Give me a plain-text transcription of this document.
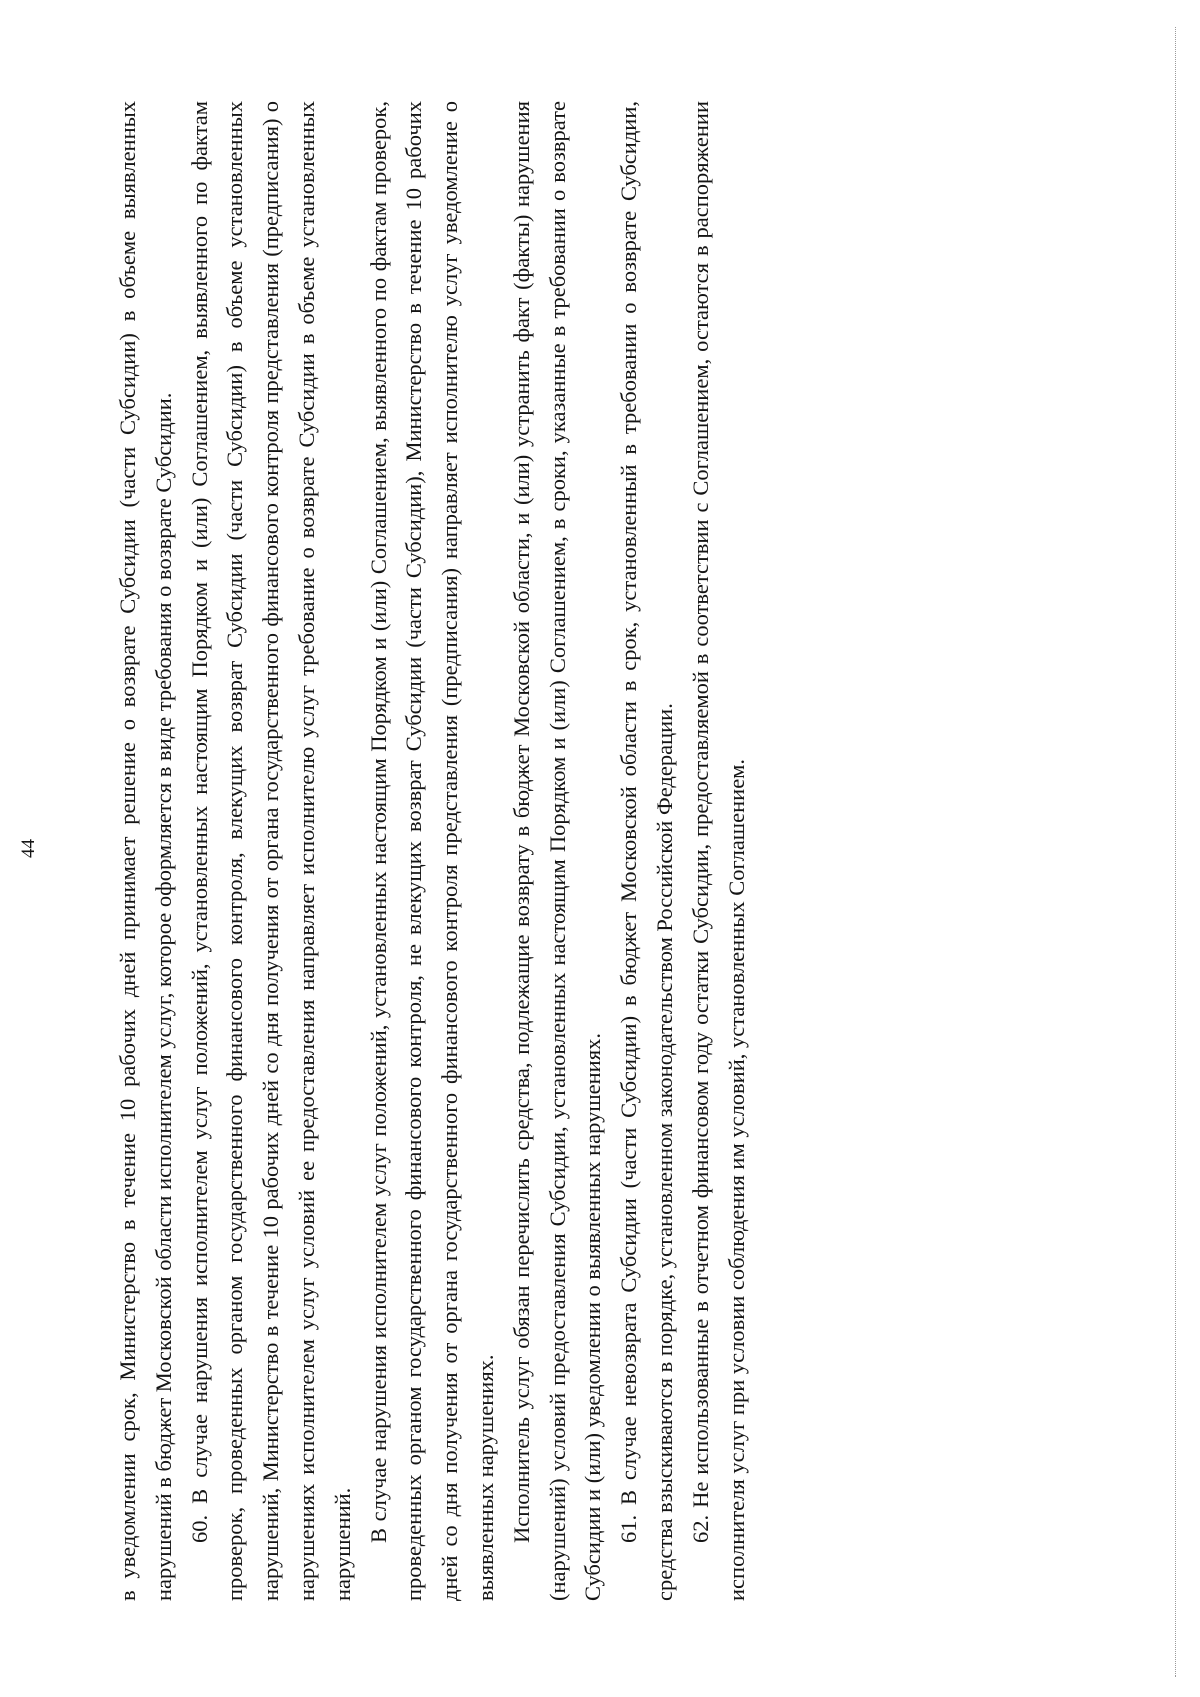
44	в уведомлении срок, Министерство в течение 10 рабочих дней принимает решение о возврате Субсидии (части Субсидии) в объеме выявленных нарушений в бюджет Московской области исполнителем услуг, которое оформляется в виде требования о возврате Субсидии. 60. В случае нарушения исполнителем услуг положений, установленных настоящим Порядком и (или) Соглашением, выявленного по фактам проверок, проведенных органом государственного финансового контроля, влекущих возврат Субсидии (части Субсидии) в объеме установленных нарушений, Министерство в течение 10 рабочих дней со дня получения от органа государственного финансового контроля представления (предписания) о нарушениях исполнителем услуг условий ее предоставления направляет исполнителю услуг требование о возврате Субсидии в объеме установленных нарушений.

В случае нарушения исполнителем услуг положений, установленных настоящим Порядком и (или) Соглашением, выявленного по фактам проверок, проведенных органом государственного финансового контроля, не влекущих возврат Субсидии (части Субсидии), Министерство в течение 10 рабочих дней со дня получения от органа государственного финансового контроля представления (предписания) направляет исполнителю услуг уведомление о выявленных нарушениях. Исполнитель услуг обязан перечислить средства, подлежащие возврату в бюджет Московской области, и (или) устранить факт (факты) нарушения (нарушений) условий предоставления Субсидии, установленных настоящим Порядком и (или) Соглашением, в сроки, указанные в требовании о возврате Субсидии и (или) уведомлении о выявленных нарушениях. 61. В случае невозврата Субсидии (части Субсидии) в бюджет Московской области в срок, установленный в требовании о возврате Субсидии, средства взыскиваются в порядке, установленном законодательством Российской Федерации. 62. Не использованные в отчетном финансовом году остатки Субсидии, предоставляемой в соответствии с Соглашением, остаются в распоряжении исполнителя услуг при условии соблюдения им условий, установленных Соглашением.
